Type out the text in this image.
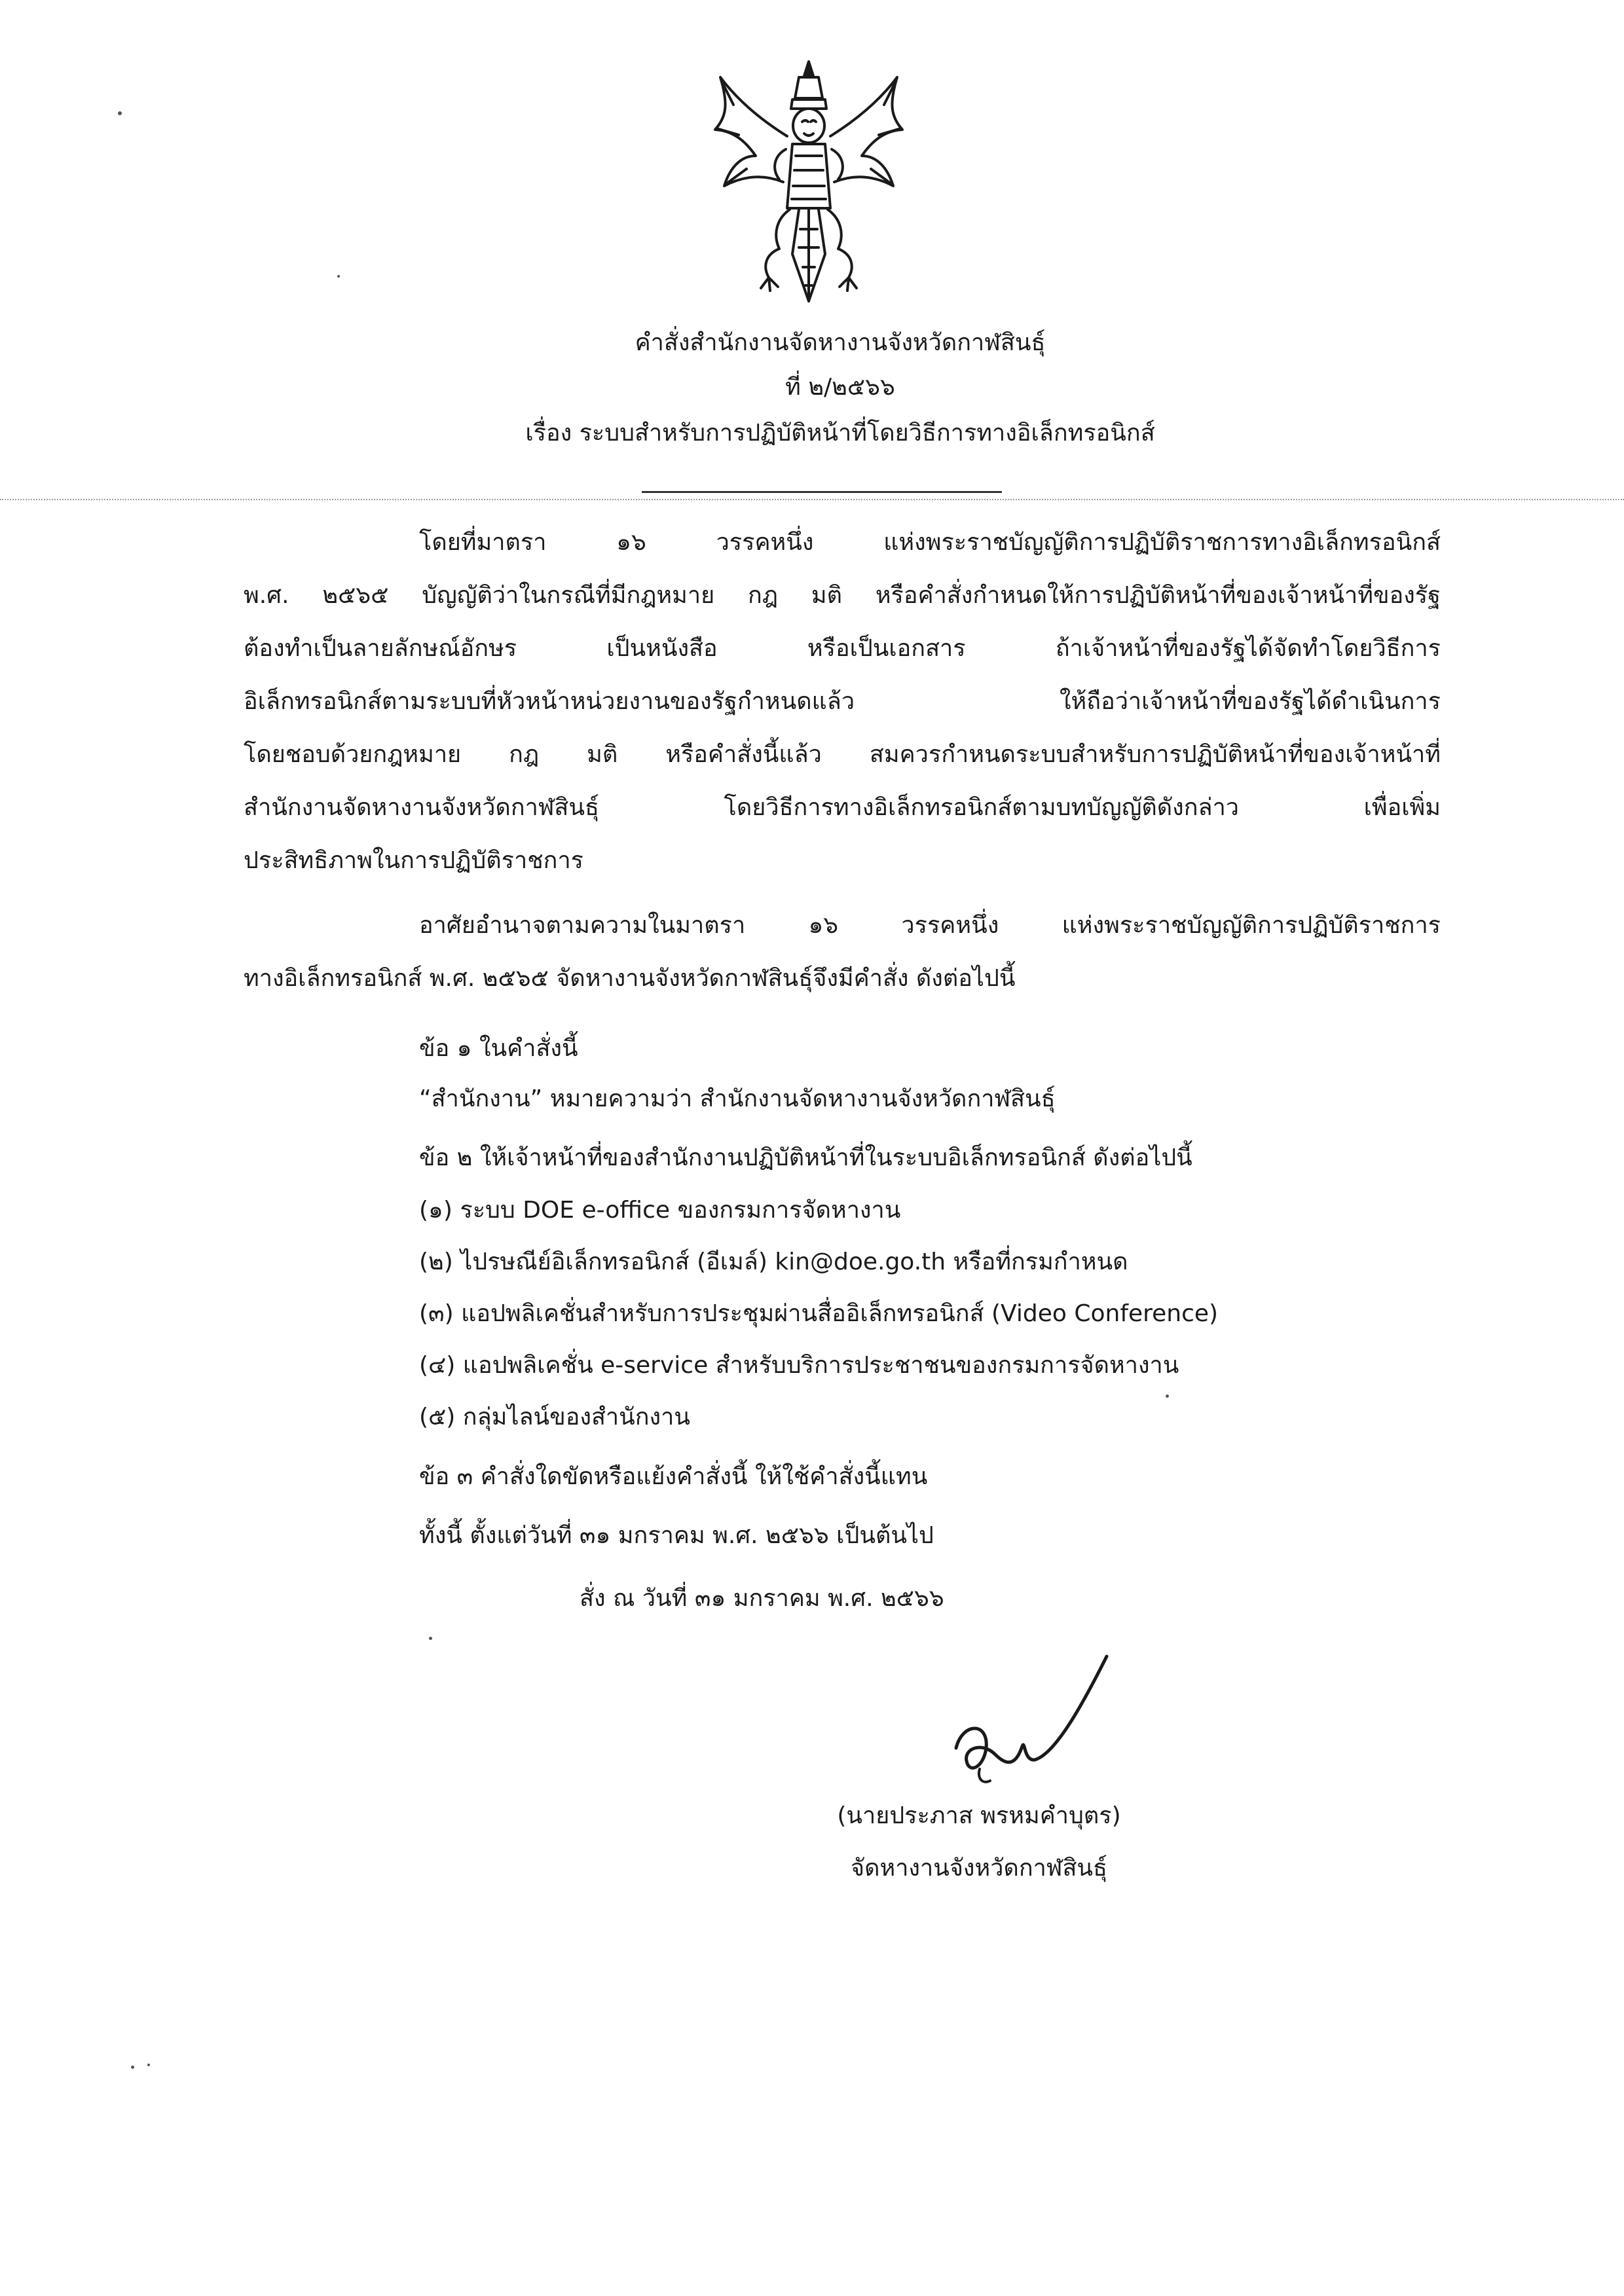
คำสั่งสำนักงานจัดหางานจังหวัดกาฬสินธุ์
ที่ ๒/๒๕๖๖
เรื่อง ระบบสำหรับการปฏิบัติหน้าที่โดยวิธีการทางอิเล็กทรอนิกส์
โดยที่มาตรา ๑๖ วรรคหนึ่ง แห่งพระราชบัญญัติการปฏิบัติราชการทางอิเล็กทรอนิกส์
พ.ศ. ๒๕๖๕ บัญญัติว่าในกรณีที่มีกฎหมาย กฎ มติ หรือคำสั่งกำหนดให้การปฏิบัติหน้าที่ของเจ้าหน้าที่ของรัฐ
ต้องทำเป็นลายลักษณ์อักษร เป็นหนังสือ หรือเป็นเอกสาร ถ้าเจ้าหน้าที่ของรัฐได้จัดทำโดยวิธีการ
อิเล็กทรอนิกส์ตามระบบที่หัวหน้าหน่วยงานของรัฐกำหนดแล้ว ให้ถือว่าเจ้าหน้าที่ของรัฐได้ดำเนินการ
โดยชอบด้วยกฎหมาย กฎ มติ หรือคำสั่งนี้แล้ว สมควรกำหนดระบบสำหรับการปฏิบัติหน้าที่ของเจ้าหน้าที่
สำนักงานจัดหางานจังหวัดกาฬสินธุ์ โดยวิธีการทางอิเล็กทรอนิกส์ตามบทบัญญัติดังกล่าว เพื่อเพิ่ม
ประสิทธิภาพในการปฏิบัติราชการ
อาศัยอำนาจตามความในมาตรา ๑๖ วรรคหนึ่ง แห่งพระราชบัญญัติการปฏิบัติราชการ
ทางอิเล็กทรอนิกส์ พ.ศ. ๒๕๖๕ จัดหางานจังหวัดกาฬสินธุ์จึงมีคำสั่ง ดังต่อไปนี้
ข้อ ๑ ในคำสั่งนี้
“สำนักงาน” หมายความว่า สำนักงานจัดหางานจังหวัดกาฬสินธุ์
ข้อ ๒ ให้เจ้าหน้าที่ของสำนักงานปฏิบัติหน้าที่ในระบบอิเล็กทรอนิกส์ ดังต่อไปนี้
(๑) ระบบ DOE e-office ของกรมการจัดหางาน
(๒) ไปรษณีย์อิเล็กทรอนิกส์ (อีเมล์) kin@doe.go.th หรือที่กรมกำหนด
(๓) แอปพลิเคชั่นสำหรับการประชุมผ่านสื่ออิเล็กทรอนิกส์ (Video Conference)
(๔) แอปพลิเคชั่น e-service สำหรับบริการประชาชนของกรมการจัดหางาน
(๕) กลุ่มไลน์ของสำนักงาน
ข้อ ๓ คำสั่งใดขัดหรือแย้งคำสั่งนี้ ให้ใช้คำสั่งนี้แทน
ทั้งนี้ ตั้งแต่วันที่ ๓๑ มกราคม พ.ศ. ๒๕๖๖ เป็นต้นไป
สั่ง ณ วันที่ ๓๑ มกราคม พ.ศ. ๒๕๖๖
(นายประภาส พรหมคำบุตร)
จัดหางานจังหวัดกาฬสินธุ์
